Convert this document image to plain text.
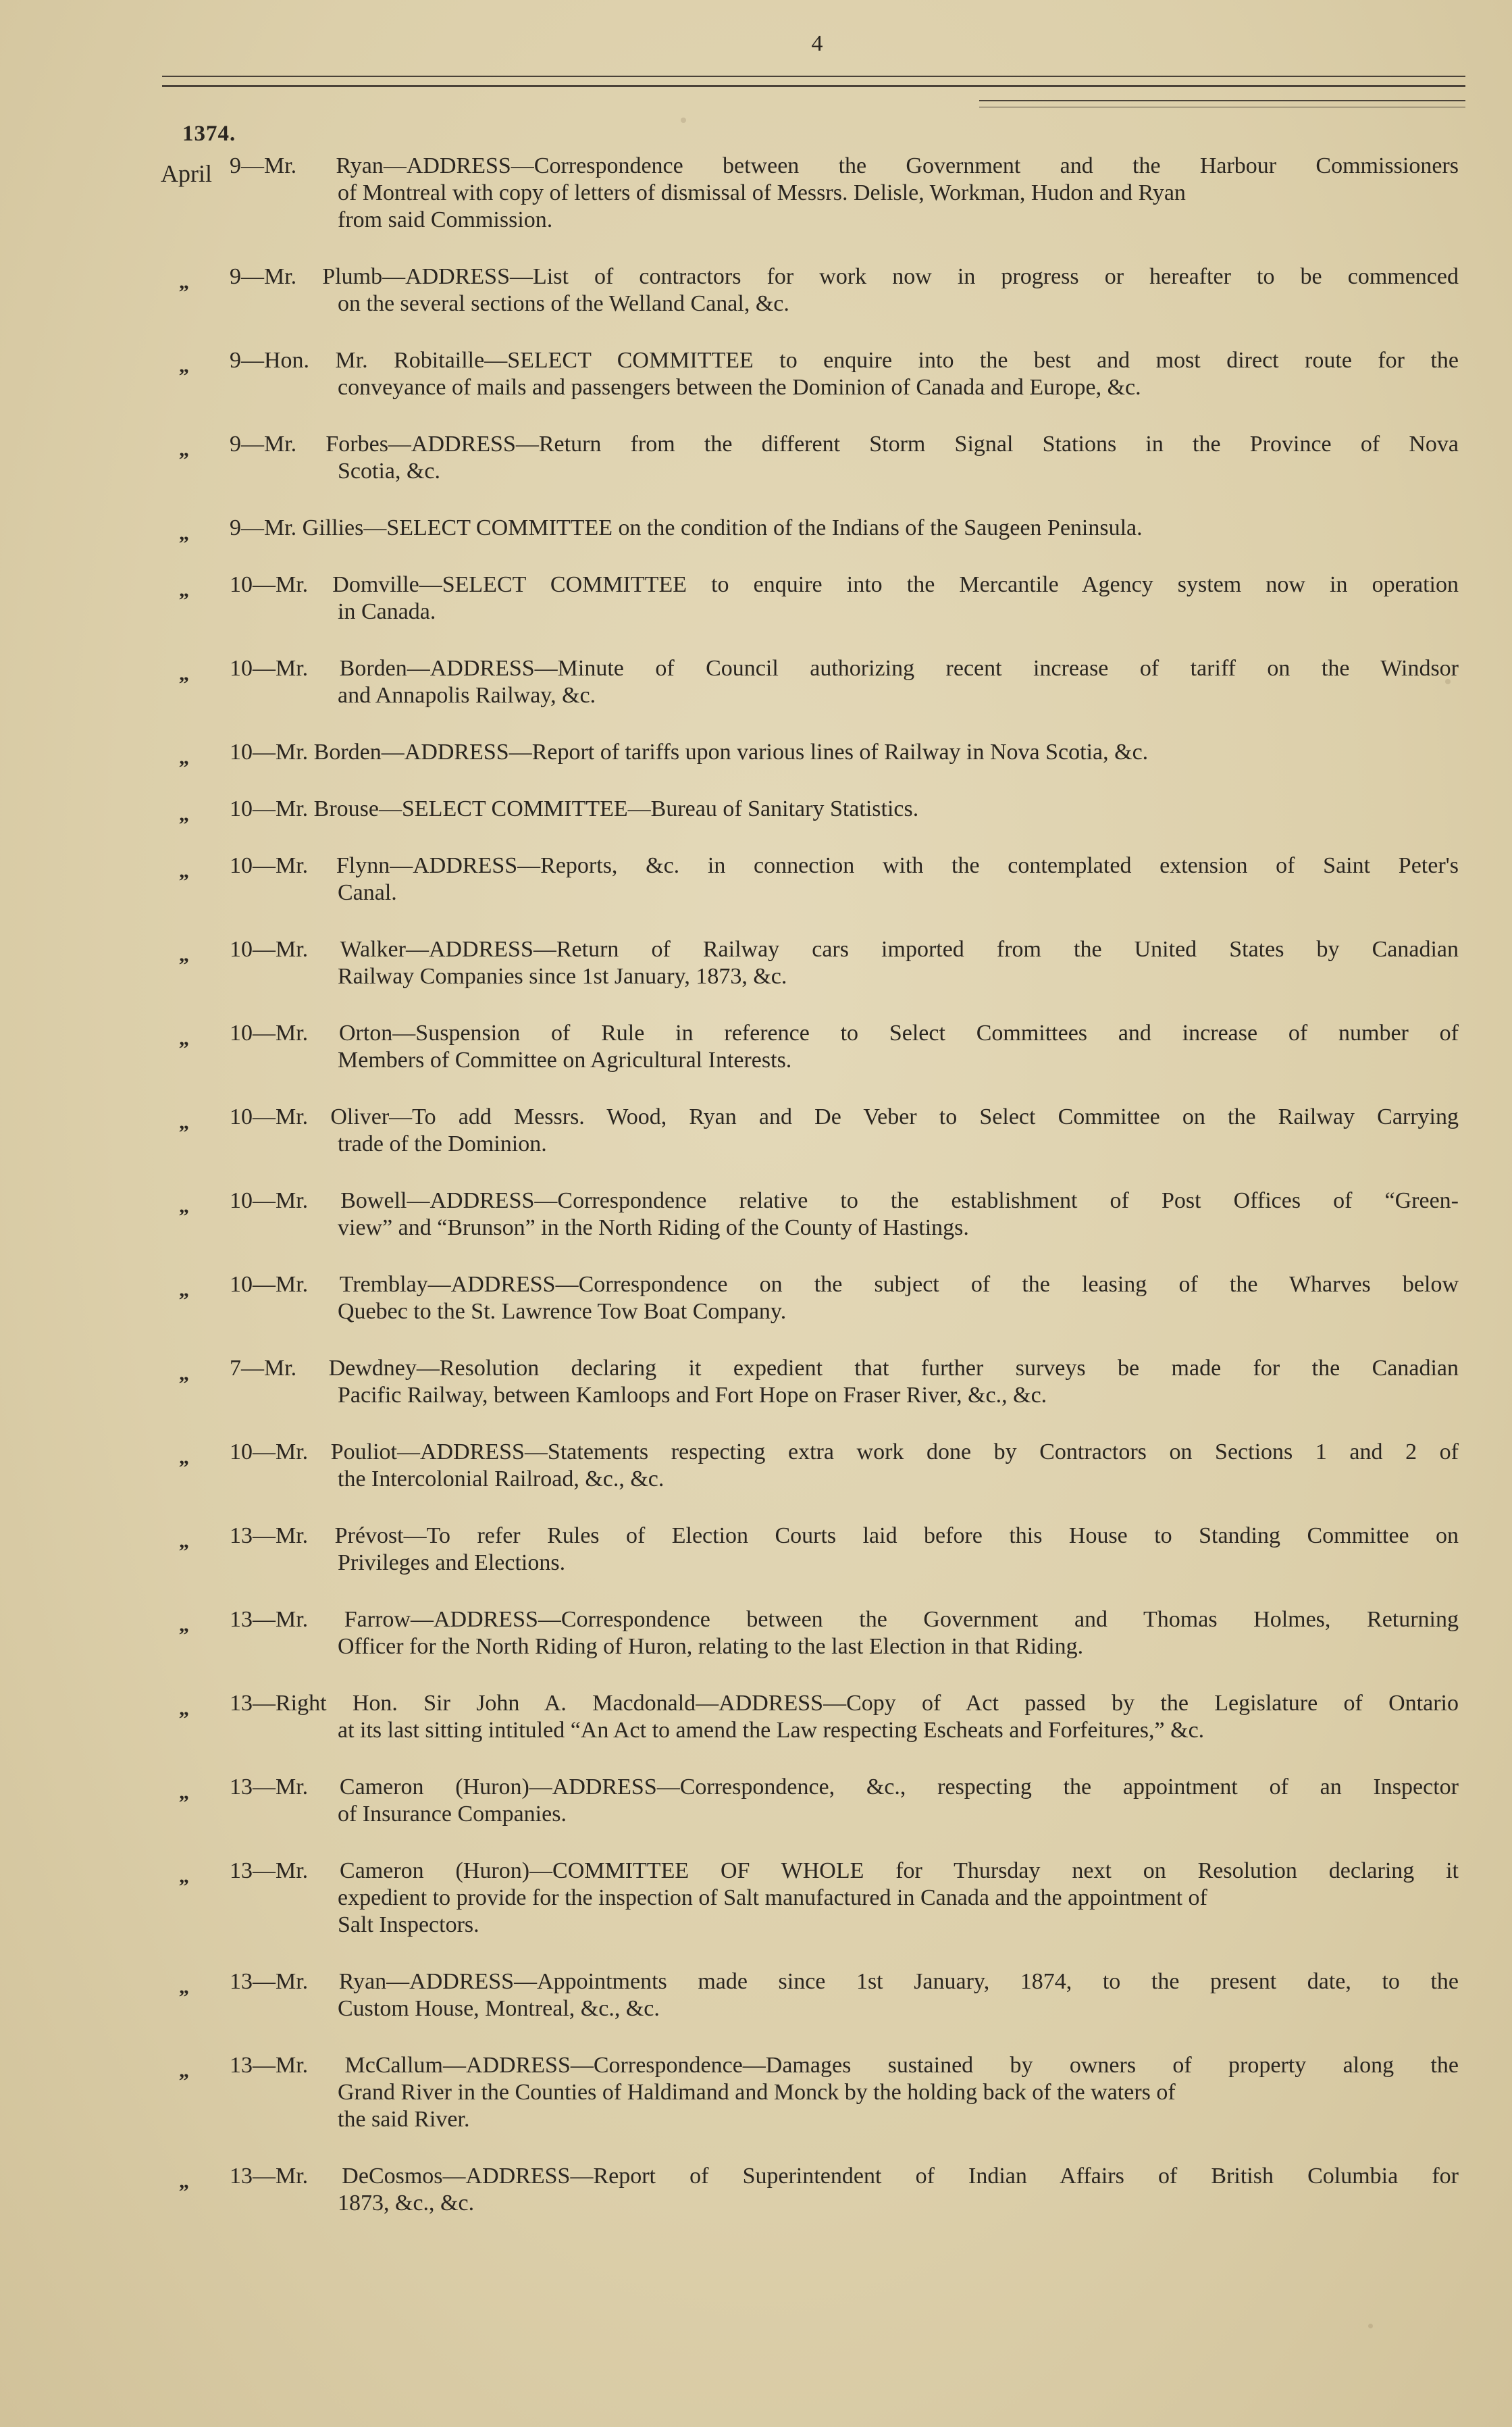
4
1374.
April 9—Mr. Ryan—ADDRESS—Correspondence between the Government and the Harbour Commissioners
of Montreal with copy of letters of dismissal of Messrs. Delisle, Workman, Hudon and Ryan
from said Commission.
„	9—Mr. Plumb—ADDRESS—List of contractors for work now in progress or hereafter to be commenced
on the several sections of the Welland Canal, &c.
„	9—Hon. Mr. Robitaille—SELECT COMMITTEE to enquire into the best and most direct route for the
conveyance of mails and passengers between the Dominion of Canada and Europe, &c.
„	9—Mr. Forbes—ADDRESS—Return from the different Storm Signal Stations in the Province of Nova
Scotia, &c.
„	9—Mr. Gillies—SELECT COMMITTEE on the condition of the Indians of the Saugeen Peninsula.
„	10—Mr. Domville—SELECT COMMITTEE to enquire into the Mercantile Agency system now in operation
in Canada.
„	10—Mr. Borden—ADDRESS—Minute of Council authorizing recent increase of tariff on the Windsor
and Annapolis Railway, &c.
„	10—Mr. Borden—ADDRESS—Report of tariffs upon various lines of Railway in Nova Scotia, &c.
„	10—Mr. Brouse—SELECT COMMITTEE—Bureau of Sanitary Statistics.
„	10—Mr. Flynn—ADDRESS—Reports, &c. in connection with the contemplated extension of Saint Peter's
Canal.
„	10—Mr. Walker—ADDRESS—Return of Railway cars imported from the United States by Canadian
Railway Companies since 1st January, 1873, &c.
„	10—Mr. Orton—Suspension of Rule in reference to Select Committees and increase of number of
Members of Committee on Agricultural Interests.
„	10—Mr. Oliver—To add Messrs. Wood, Ryan and De Veber to Select Committee on the Railway Carrying
trade of the Dominion.
„	10—Mr. Bowell—ADDRESS—Correspondence relative to the establishment of Post Offices of “Green-
view” and “Brunson” in the North Riding of the County of Hastings.
„	10—Mr. Tremblay—ADDRESS—Correspondence on the subject of the leasing of the Wharves below
Quebec to the St. Lawrence Tow Boat Company.
„	7—Mr. Dewdney—Resolution declaring it expedient that further surveys be made for the Canadian
Pacific Railway, between Kamloops and Fort Hope on Fraser River, &c., &c.
„	10—Mr. Pouliot—ADDRESS—Statements respecting extra work done by Contractors on Sections 1 and 2 of
the Intercolonial Railroad, &c., &c.
„	13—Mr. Prévost—To refer Rules of Election Courts laid before this House to Standing Committee on
Privileges and Elections.
„	13—Mr. Farrow—ADDRESS—Correspondence between the Government and Thomas Holmes, Returning
Officer for the North Riding of Huron, relating to the last Election in that Riding.
„	13—Right Hon. Sir John A. Macdonald—ADDRESS—Copy of Act passed by the Legislature of Ontario
at its last sitting intituled “An Act to amend the Law respecting Escheats and Forfeitures,” &c.
„	13—Mr. Cameron (Huron)—ADDRESS—Correspondence, &c., respecting the appointment of an Inspector
of Insurance Companies.
„	13—Mr. Cameron (Huron)—COMMITTEE OF WHOLE for Thursday next on Resolution declaring it
expedient to provide for the inspection of Salt manufactured in Canada and the appointment of
Salt Inspectors.
„	13—Mr. Ryan—ADDRESS—Appointments made since 1st January, 1874, to the present date, to the
Custom House, Montreal, &c., &c.
„	13—Mr. McCallum—ADDRESS—Correspondence—Damages sustained by owners of property along the
Grand River in the Counties of Haldimand and Monck by the holding back of the waters of
the said River.
„	13—Mr. DeCosmos—ADDRESS—Report of Superintendent of Indian Affairs of British Columbia for
1873, &c., &c.
